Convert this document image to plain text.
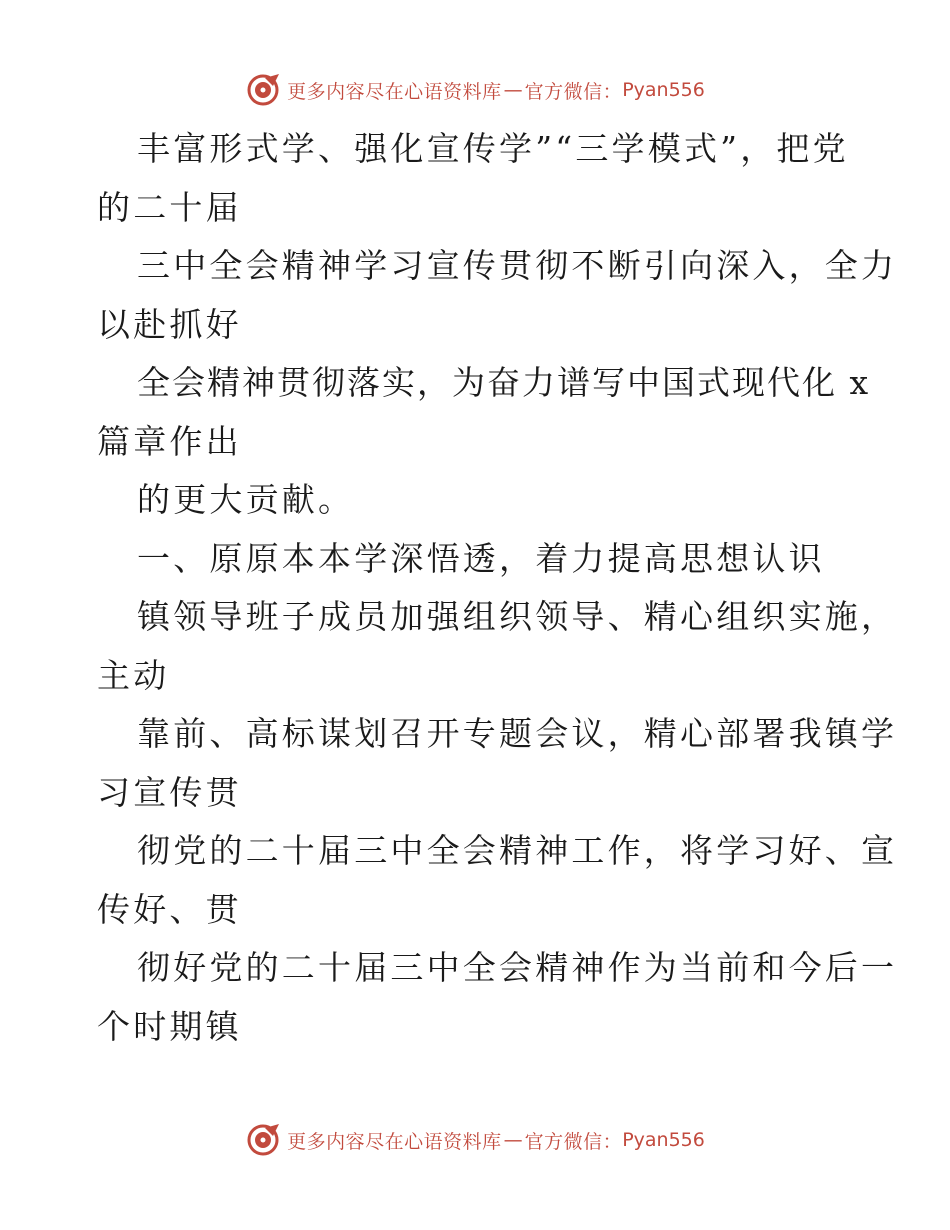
更多内容尽在心语资料库 — 官方微信： Pyan556
丰富形式学、强化宣传学”“三学模式”，把党
的二十届
三中全会精神学习宣传贯彻不断引向深入，全力
以赴抓好
全会精神贯彻落实，为奋力谱写中国式现代化 x
篇章作出
的更大贡献。
一、原原本本学深悟透，着力提高思想认识
镇领导班子成员加强组织领导、精心组织实施，
主动
靠前、高标谋划召开专题会议，精心部署我镇学
习宣传贯
彻党的二十届三中全会精神工作，将学习好、宣
传好、贯
彻好党的二十届三中全会精神作为当前和今后一
个时期镇
更多内容尽在心语资料库 — 官方微信： Pyan556
